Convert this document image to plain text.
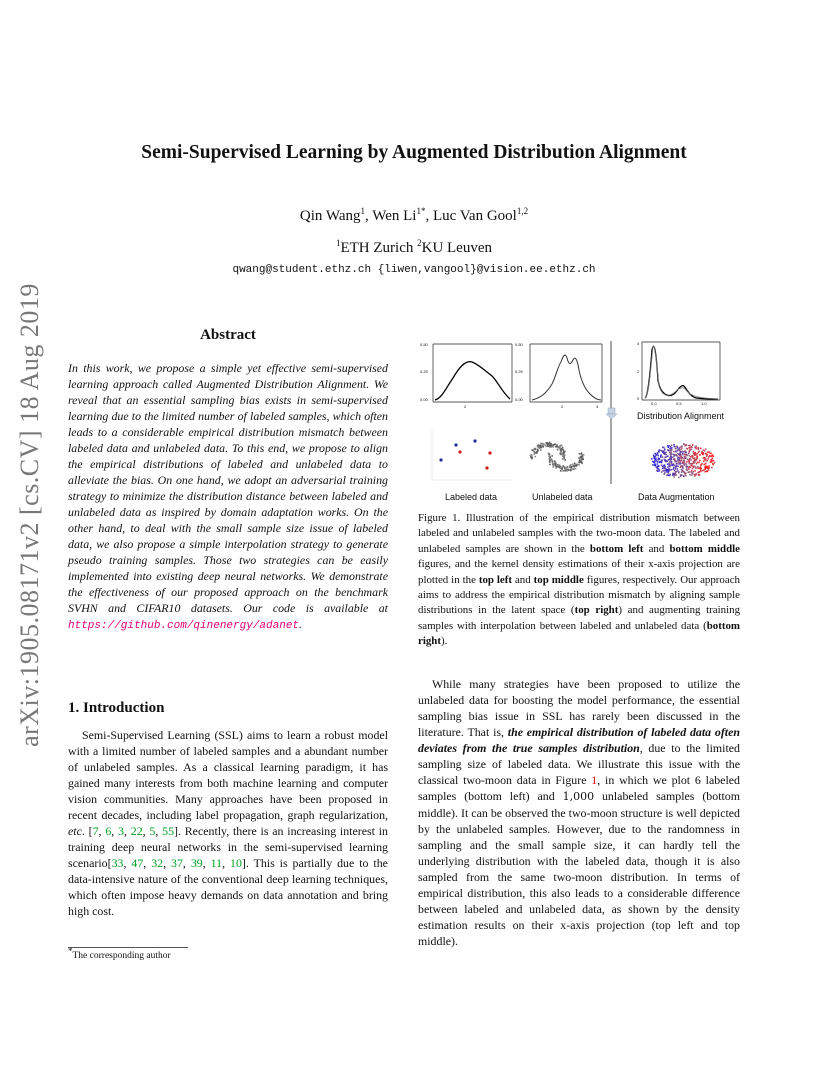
arXiv:1905.08171v2 [cs.CV] 18 Aug 2019
Semi-Supervised Learning by Augmented Distribution Alignment
Qin Wang$^1$, Wen $Li^{1*}$, Luc Van Gool$^{1,2}$
$^1$ETH Zurich $^2$KU Leuven
qwang@student.ethz.ch {liwen,vangool}@vision.ee.ethz.ch
Abstract
In this work, we propose a simple yet effective semi-supervised learning approach called Augmented Distribution Alignment. We reveal that an essential sampling bias exists in semi-supervised learning due to the limited number of labeled samples, which often leads to a considerable empirical distribution mismatch between labeled data and unlabeled data. To this end, we propose to align the empirical distributions of labeled and unlabeled data to alleviate the bias. On one hand, we adopt an adversarial training strategy to minimize the distribution distance between labeled and unlabeled data as inspired by domain adaptation works. On the other hand, to deal with the small sample size issue of labeled data, we also propose a simple interpolation strategy to generate pseudo training samples. Those two strategies can be easily implemented into existing deep neural networks. We demonstrate the effectiveness of our proposed approach on the benchmark SVHN and CIFAR10 datasets. Our code is available at https://github.com/qinenergy/adanet.
1. Introduction
Semi-Supervised Learning (SSL) aims to learn a robust model with a limited number of labeled samples and a abundant number of unlabeled samples. As a classical learning paradigm, it has gained many interests from both machine learning and computer vision communities. Many approaches have been proposed in recent decades, including label propagation, graph regularization, etc. [7, 6, 3, 22, 5, 55]. Recently, there is an increasing interest in training deep neural networks in the semi-supervised learning scenario[33, 47, 32, 37, 39, 11, 10]. This is partially due to the data-intensive nature of the conventional deep learning techniques, which often impose heavy demands on data annotation and bring high cost.
*The corresponding author
0.50
0.25
0.00
2
0.50
0.25
0.00
2	4
4
2
0
0.0	0.5	1.0
Distribution Alignment
Labeled data	Unlabeled data	Data Augmentation
Figure 1. Illustration of the empirical distribution mismatch between labeled and unlabeled samples with the two-moon data. The labeled and unlabeled samples are shown in the bottom left and bottom middle figures, and the kernel density estimations of their x-axis projection are plotted in the top left and top middle figures, respectively. Our approach aims to address the empirical distribution mismatch by aligning sample distributions in the latent space (top right) and augmenting training samples with interpolation between labeled and unlabeled data (bottom right).
While many strategies have been proposed to utilize the unlabeled data for boosting the model performance, the essential sampling bias issue in SSL has rarely been discussed in the literature. That is, the empirical distribution of labeled data often deviates from the true samples distribution, due to the limited sampling size of labeled data. We illustrate this issue with the classical two-moon data in Figure 1, in which we plot 6 labeled samples (bottom left) and 1,000 unlabeled samples (bottom middle). It can be observed the two-moon structure is well depicted by the unlabeled samples. However, due to the randomness in sampling and the small sample size, it can hardly tell the underlying distribution with the labeled data, though it is also sampled from the same two-moon distribution. In terms of empirical distribution, this also leads to a considerable difference between labeled and unlabeled data, as shown by the density estimation results on their x-axis projection (top left and top middle).
